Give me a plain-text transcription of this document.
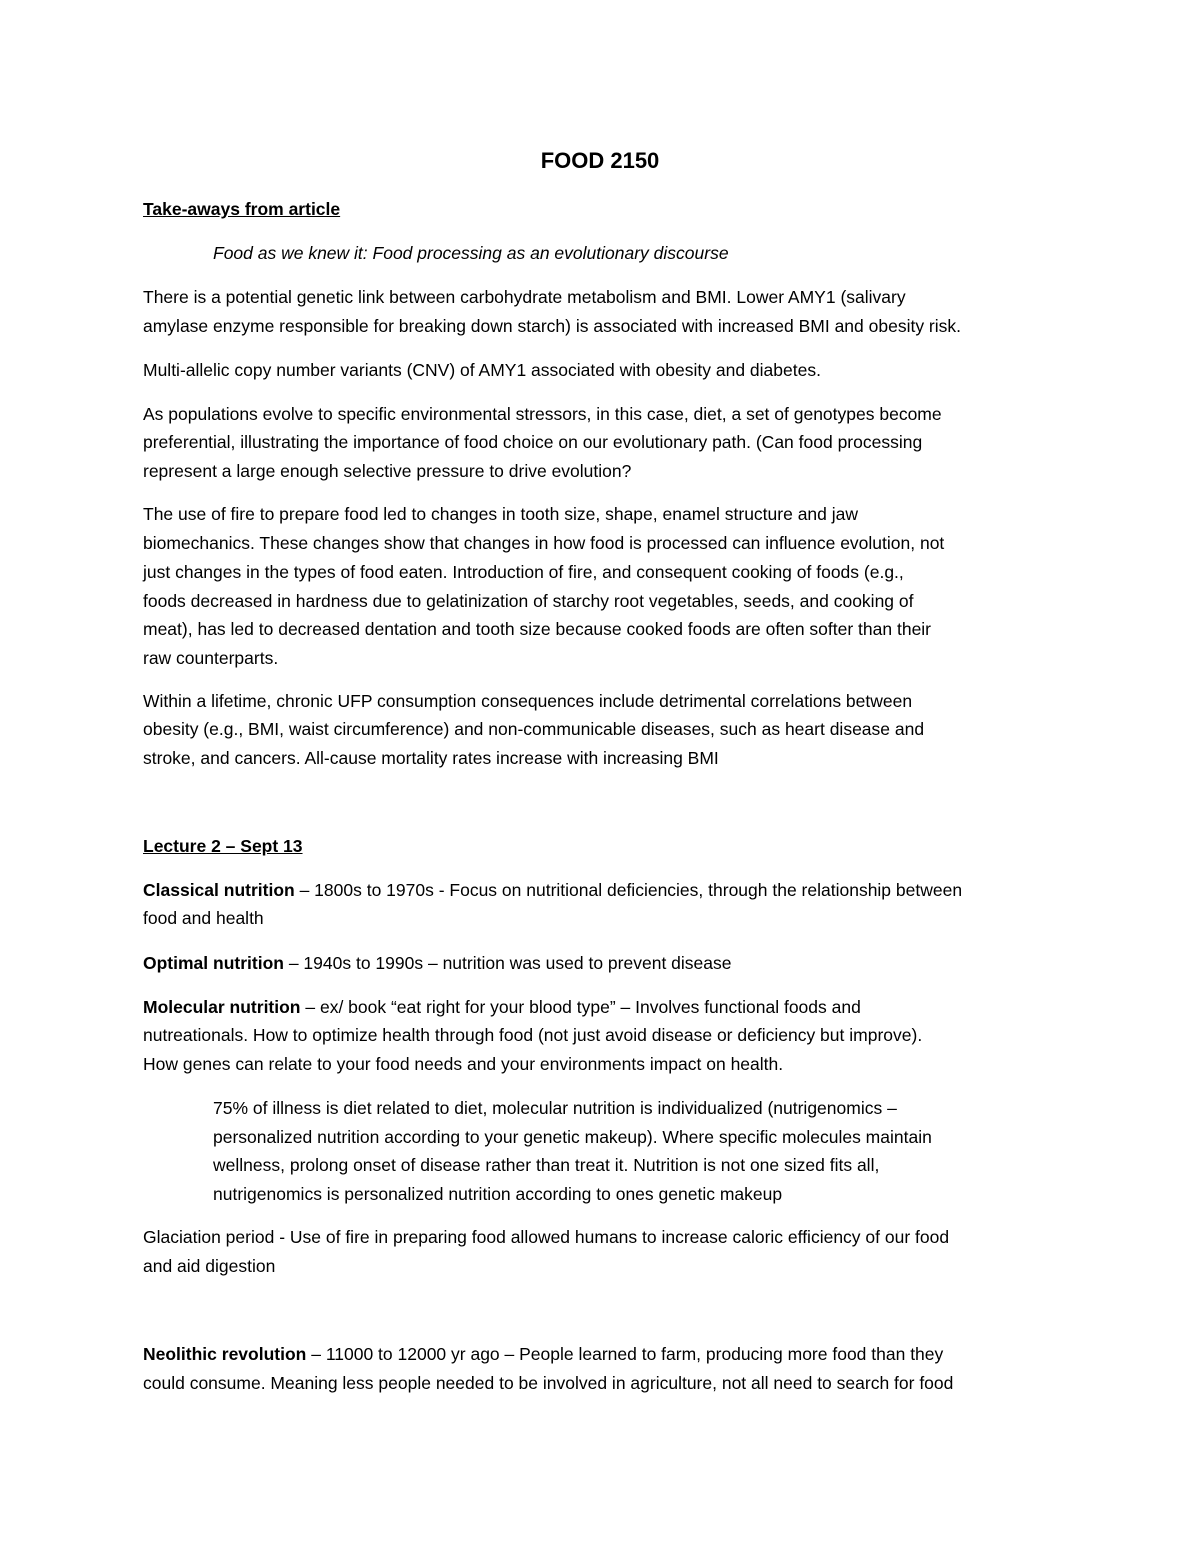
FOOD 2150
Take-aways from article
Food as we knew it: Food processing as an evolutionary discourse
There is a potential genetic link between carbohydrate metabolism and BMI. Lower AMY1 (salivary
amylase enzyme responsible for breaking down starch) is associated with increased BMI and obesity risk.
Multi-allelic copy number variants (CNV) of AMY1 associated with obesity and diabetes.
As populations evolve to specific environmental stressors, in this case, diet, a set of genotypes become
preferential, illustrating the importance of food choice on our evolutionary path. (Can food processing
represent a large enough selective pressure to drive evolution?
The use of fire to prepare food led to changes in tooth size, shape, enamel structure and jaw
biomechanics. These changes show that changes in how food is processed can influence evolution, not
just changes in the types of food eaten. Introduction of fire, and consequent cooking of foods (e.g.,
foods decreased in hardness due to gelatinization of starchy root vegetables, seeds, and cooking of
meat), has led to decreased dentation and tooth size because cooked foods are often softer than their
raw counterparts.
Within a lifetime, chronic UFP consumption consequences include detrimental correlations between
obesity (e.g., BMI, waist circumference) and non-communicable diseases, such as heart disease and
stroke, and cancers. All-cause mortality rates increase with increasing BMI
Lecture 2 – Sept 13
Classical nutrition – 1800s to 1970s - Focus on nutritional deficiencies, through the relationship between
food and health
Optimal nutrition – 1940s to 1990s – nutrition was used to prevent disease
Molecular nutrition – ex/ book “eat right for your blood type” – Involves functional foods and
nutreationals. How to optimize health through food (not just avoid disease or deficiency but improve).
How genes can relate to your food needs and your environments impact on health.
75% of illness is diet related to diet, molecular nutrition is individualized (nutrigenomics –
personalized nutrition according to your genetic makeup). Where specific molecules maintain
wellness, prolong onset of disease rather than treat it. Nutrition is not one sized fits all,
nutrigenomics is personalized nutrition according to ones genetic makeup
Glaciation period - Use of fire in preparing food allowed humans to increase caloric efficiency of our food
and aid digestion
Neolithic revolution – 11000 to 12000 yr ago – People learned to farm, producing more food than they
could consume. Meaning less people needed to be involved in agriculture, not all need to search for food
